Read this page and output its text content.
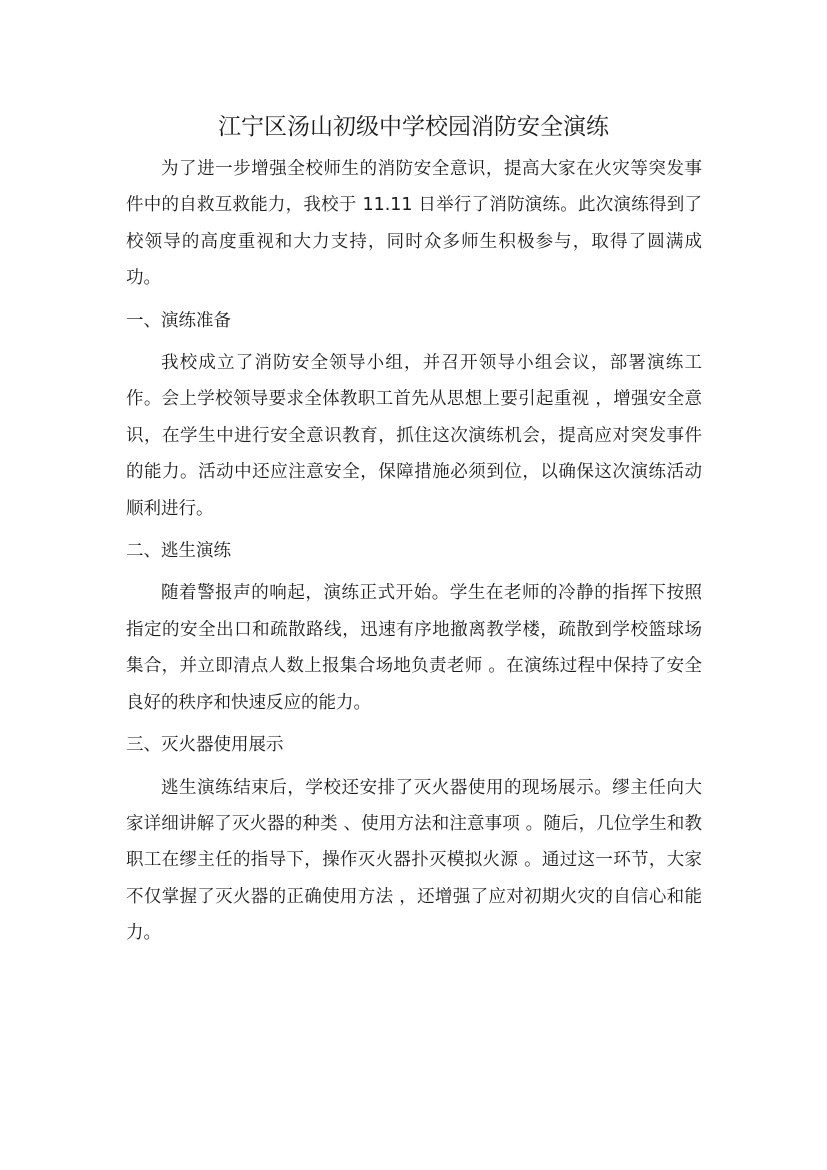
江宁区汤山初级中学校园消防安全演练

为了进一步增强全校师生的消防安全意识，提高大家在火灾等突发事件中的自救互救能力，我校于 11.11 日举行了消防演练。此次演练得到了校领导的高度重视和大力支持，同时众多师生积极参与，取得了圆满成功。

一、演练准备

我校成立了消防安全领导小组，并召开领导小组会议，部署演练工作。会上学校领导要求全体教职工首先从思想上要引起重视 ，增强安全意识，在学生中进行安全意识教育，抓住这次演练机会，提高应对突发事件的能力。活动中还应注意安全，保障措施必须到位，以确保这次演练活动顺利进行。

二、逃生演练

随着警报声的响起，演练正式开始。学生在老师的冷静的指挥下按照指定的安全出口和疏散路线，迅速有序地撤离教学楼，疏散到学校篮球场集合，并立即清点人数上报集合场地负责老师 。在演练过程中保持了安全良好的秩序和快速反应的能力。

三、灭火器使用展示

逃生演练结束后，学校还安排了灭火器使用的现场展示。缪主任向大家详细讲解了灭火器的种类 、使用方法和注意事项 。随后，几位学生和教职工在缪主任的指导下，操作灭火器扑灭模拟火源 。通过这一环节，大家不仅掌握了灭火器的正确使用方法 ，还增强了应对初期火灾的自信心和能力。
